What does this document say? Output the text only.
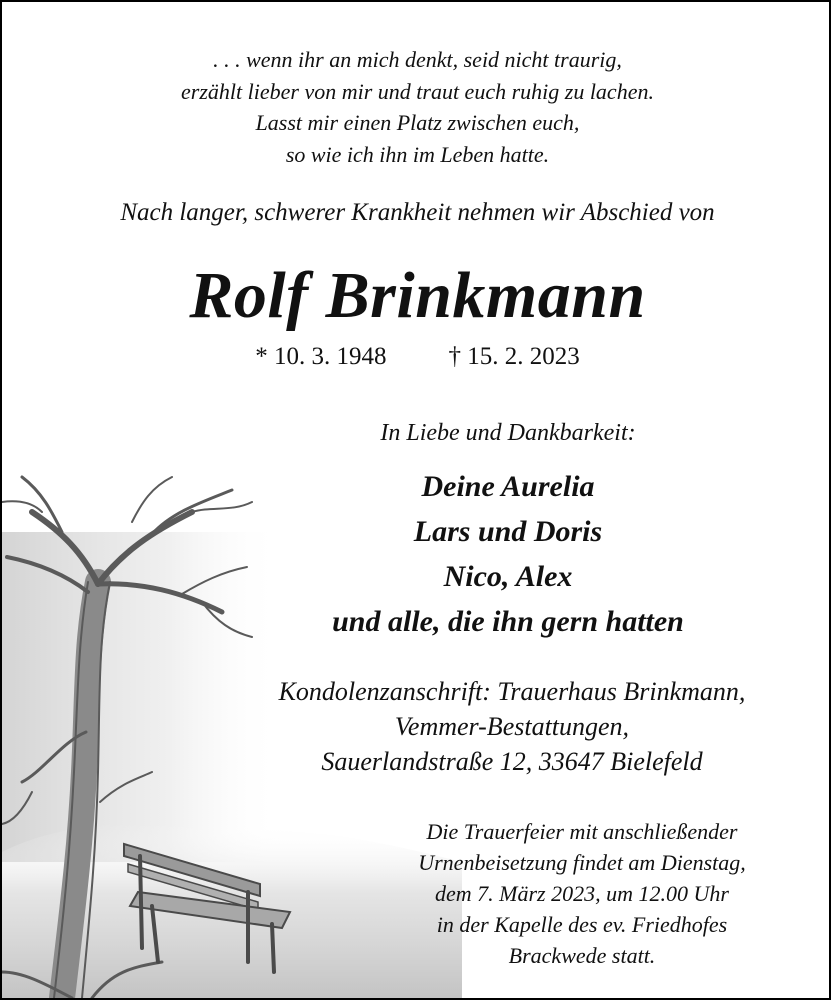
. . . wenn ihr an mich denkt, seid nicht traurig,
erzählt lieber von mir und traut euch ruhig zu lachen.
Lasst mir einen Platz zwischen euch,
so wie ich ihn im Leben hatte.
Nach langer, schwerer Krankheit nehmen wir Abschied von
Rolf Brinkmann
* 10. 3. 1948 † 15. 2. 2023
In Liebe und Dankbarkeit:
Deine Aurelia
Lars und Doris
Nico, Alex
und alle, die ihn gern hatten
Kondolenzanschrift: Trauerhaus Brinkmann,
Vemmer-Bestattungen,
Sauerlandstraße 12, 33647 Bielefeld
Die Trauerfeier mit anschließender
Urnenbeisetzung findet am Dienstag,
dem 7. März 2023, um 12.00 Uhr
in der Kapelle des ev. Friedhofes
Brackwede statt.
